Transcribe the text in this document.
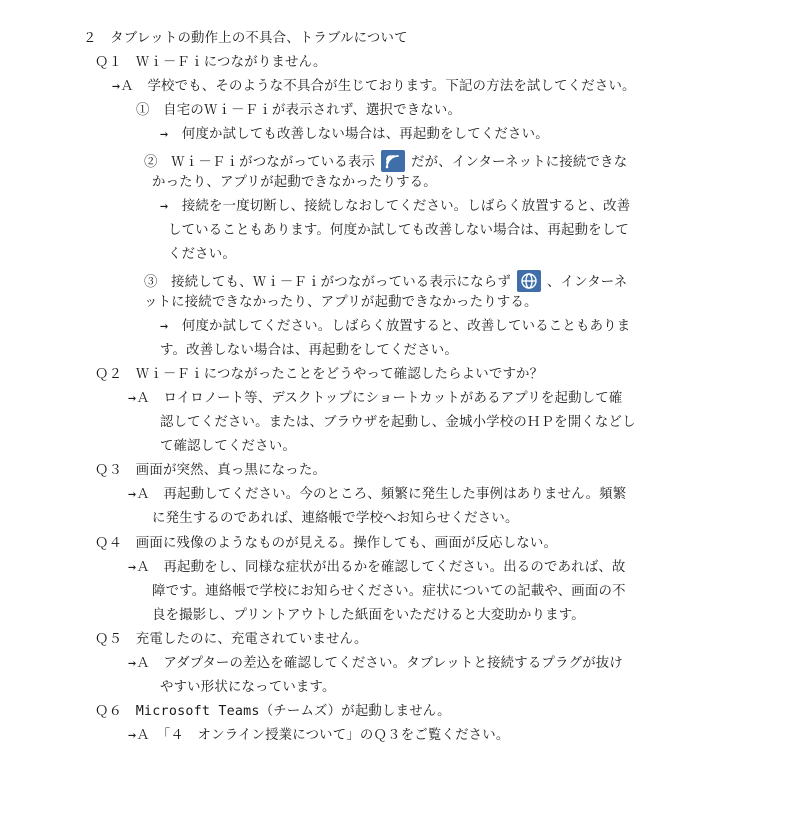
２　タブレットの動作上の不具合、トラブルについて
Ｑ１　Ｗｉ－Ｆｉにつながりません。
→Ａ　学校でも、そのような不具合が生じております。下記の方法を試してください。
①　自宅のＷｉ－Ｆｉが表示されず、選択できない。
→　何度か試しても改善しない場合は、再起動をしてください。
②　Ｗｉ－Ｆｉがつながっている表示	だが、インターネットに接続できな
かったり、アプリが起動できなかったりする。
→　接続を一度切断し、接続しなおしてください。しばらく放置すると、改善
していることもあります。何度か試しても改善しない場合は、再起動をして
ください。
③　接続しても、Ｗｉ－Ｆｉがつながっている表示にならず	、インターネ
ットに接続できなかったり、アプリが起動できなかったりする。
→　何度か試してください。しばらく放置すると、改善していることもありま
す。改善しない場合は、再起動をしてください。
Ｑ２　Ｗｉ－Ｆｉにつながったことをどうやって確認したらよいですか？
→Ａ　ロイロノート等、デスクトップにショートカットがあるアプリを起動して確
認してください。または、ブラウザを起動し、金城小学校のＨＰを開くなどし
て確認してください。
Ｑ３　画面が突然、真っ黒になった。
→Ａ　再起動してください。今のところ、頻繁に発生した事例はありません。頻繁
に発生するのであれば、連絡帳で学校へお知らせください。
Ｑ４　画面に残像のようなものが見える。操作しても、画面が反応しない。
→Ａ　再起動をし、同様な症状が出るかを確認してください。出るのであれば、故
障です。連絡帳で学校にお知らせください。症状についての記載や、画面の不
良を撮影し、プリントアウトした紙面をいただけると大変助かります。
Ｑ５　充電したのに、充電されていません。
→Ａ　アダプターの差込を確認してください。タブレットと接続するプラグが抜け
やすい形状になっています。
Ｑ６　Microsoft Teams（チームズ）が起動しません。
→Ａ　「４　オンライン授業について」のＱ３をご覧ください。
